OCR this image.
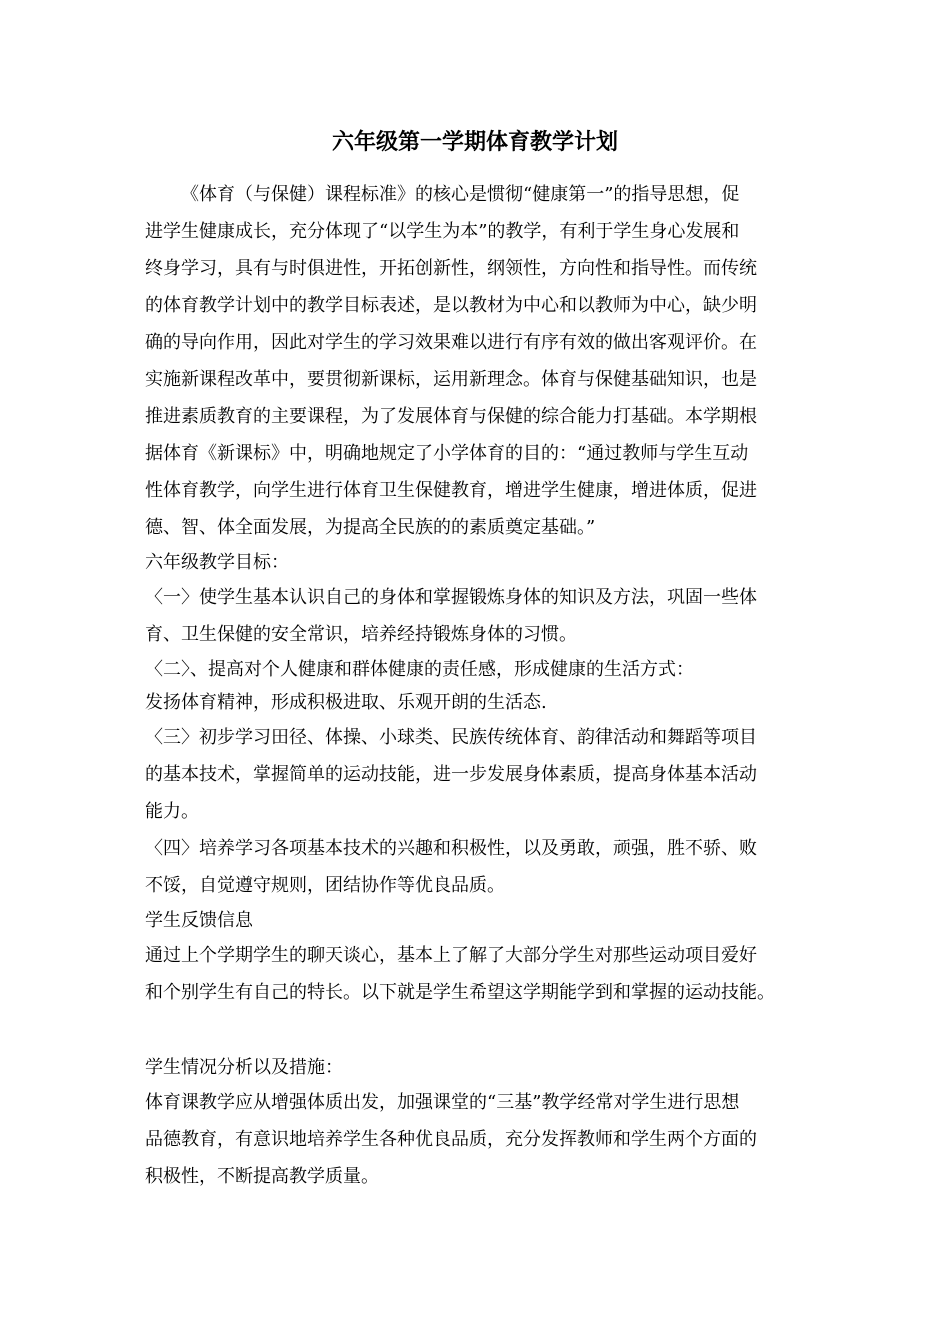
六年级第一学期体育教学计划
《体育（与保健）课程标准》的核心是惯彻“健康第一”的指导思想，促
进学生健康成长，充分体现了“以学生为本”的教学，有利于学生身心发展和
终身学习，具有与时俱进性，开拓创新性，纲领性，方向性和指导性。而传统
的体育教学计划中的教学目标表述，是以教材为中心和以教师为中心，缺少明
确的导向作用，因此对学生的学习效果难以进行有序有效的做出客观评价。在
实施新课程改革中，要贯彻新课标，运用新理念。体育与保健基础知识，也是
推进素质教育的主要课程，为了发展体育与保健的综合能力打基础。本学期根
据体育《新课标》中，明确地规定了小学体育的目的：“通过教师与学生互动
性体育教学，向学生进行体育卫生保健教育，增进学生健康，增进体质，促进
德、智、体全面发展，为提高全民族的的素质奠定基础。”
六年级教学目标：
〈一〉使学生基本认识自己的身体和掌握锻炼身体的知识及方法，巩固一些体
育、卫生保健的安全常识，培养经持锻炼身体的习惯。
〈二〉、提高对个人健康和群体健康的责任感，形成健康的生活方式：
发扬体育精神，形成积极进取、乐观开朗的生活态.
〈三〉初步学习田径、体操、小球类、民族传统体育、韵律活动和舞蹈等项目
的基本技术，掌握简单的运动技能，进一步发展身体素质，提高身体基本活动
能力。
〈四〉培养学习各项基本技术的兴趣和积极性，以及勇敢，顽强，胜不骄、败
不馁，自觉遵守规则，团结协作等优良品质。
学生反馈信息
通过上个学期学生的聊天谈心，基本上了解了大部分学生对那些运动项目爱好
和个别学生有自己的特长。以下就是学生希望这学期能学到和掌握的运动技能。
学生情况分析以及措施：
体育课教学应从增强体质出发，加强课堂的“三基”教学经常对学生进行思想
品德教育，有意识地培养学生各种优良品质，充分发挥教师和学生两个方面的
积极性，不断提高教学质量。
